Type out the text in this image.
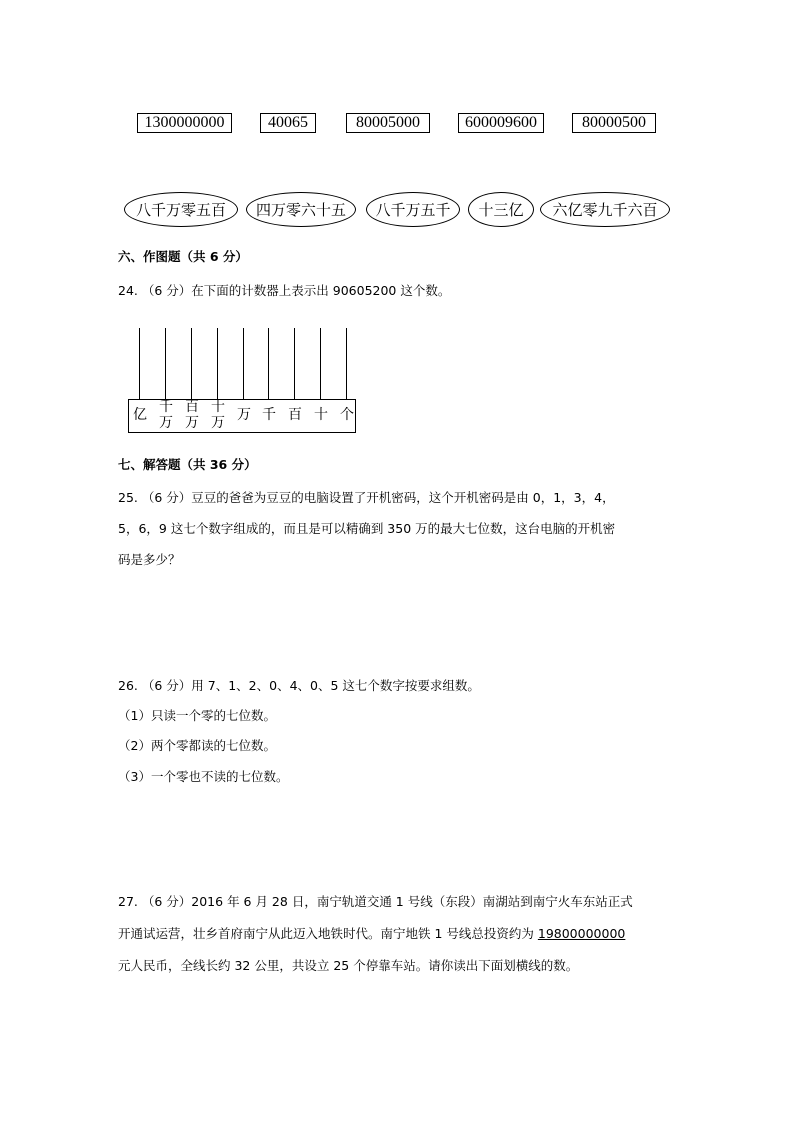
1300000000	40065	80005000	600009600	80000500
八千万零五百	四万零六十五	八千万五千	十三亿	六亿零九千六百
六、作图题（共 6 分）
24. （6 分）在下面的计数器上表示出 90605200 这个数。
亿 千
万
百
万
十
万 万 千 百 十 个
七、解答题（共 36 分）
25. （6 分）豆豆的爸爸为豆豆的电脑设置了开机密码，这个开机密码是由 0，1，3，4，
5，6，9 这七个数字组成的，而且是可以精确到 350 万的最大七位数，这台电脑的开机密
码是多少？
26. （6 分）用 7、1、2、0、4、0、5 这七个数字按要求组数。
（1）只读一个零的七位数。
（2）两个零都读的七位数。
（3）一个零也不读的七位数。
27. （6 分）2016 年 6 月 28 日，南宁轨道交通 1 号线（东段）南湖站到南宁火车东站正式
开通试运营，壮乡首府南宁从此迈入地铁时代。南宁地铁 1 号线总投资约为 19800000000
元人民币，全线长约 32 公里，共设立 25 个停靠车站。请你读出下面划横线的数。
